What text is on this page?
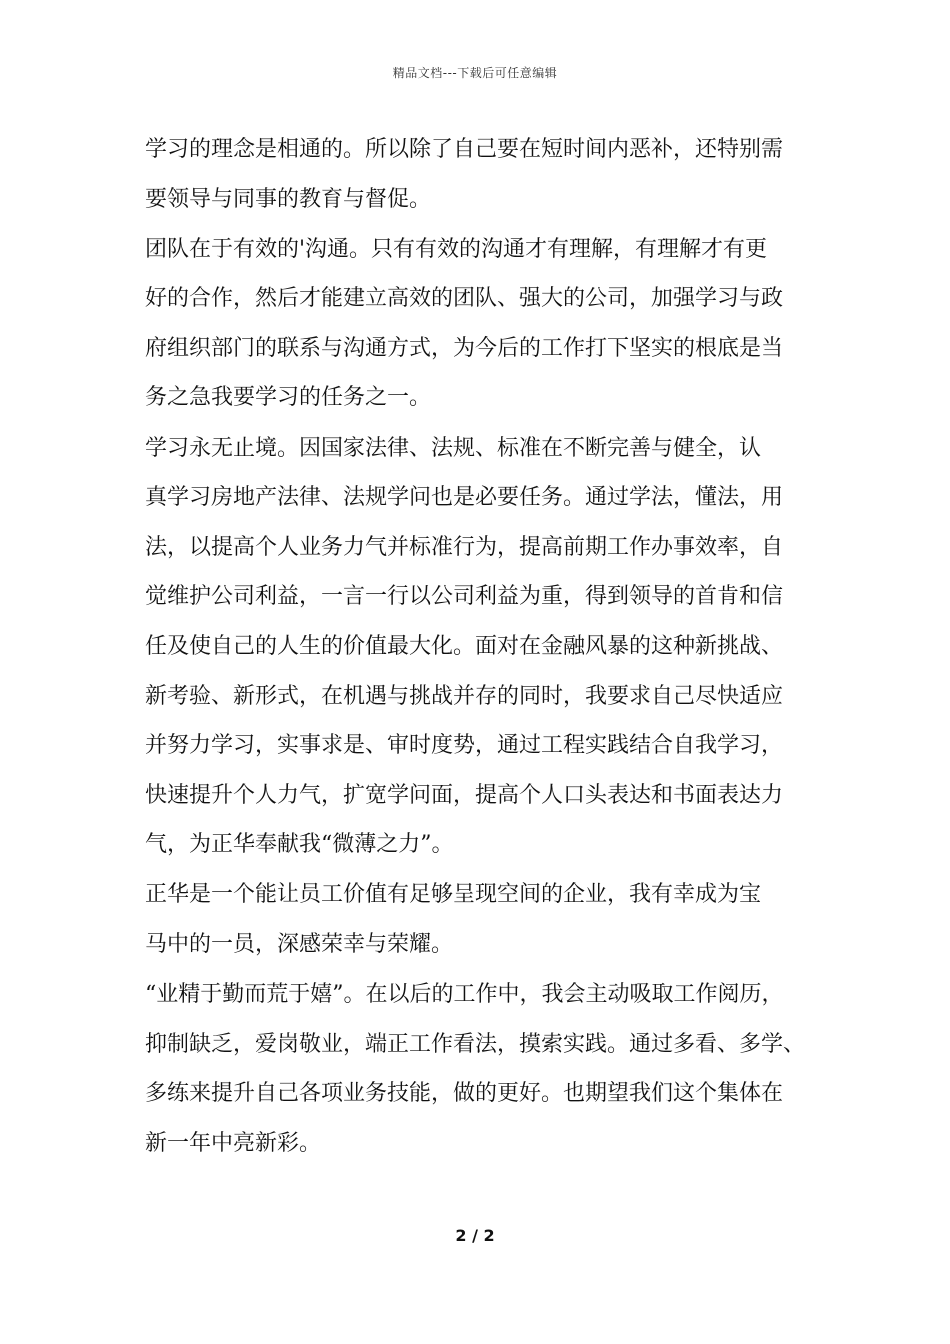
精品文档---下载后可任意编辑
学习的理念是相通的。所以除了自己要在短时间内恶补，还特别需
要领导与同事的教育与督促。
团队在于有效的'沟通。只有有效的沟通才有理解，有理解才有更
好的合作，然后才能建立高效的团队、强大的公司，加强学习与政
府组织部门的联系与沟通方式，为今后的工作打下坚实的根底是当
务之急我要学习的任务之一。
学习永无止境。因国家法律、法规、标准在不断完善与健全，认
真学习房地产法律、法规学问也是必要任务。通过学法，懂法，用
法，以提高个人业务力气并标准行为，提高前期工作办事效率，自
觉维护公司利益，一言一行以公司利益为重，得到领导的首肯和信
任及使自己的人生的价值最大化。面对在金融风暴的这种新挑战、
新考验、新形式，在机遇与挑战并存的同时，我要求自己尽快适应
并努力学习，实事求是、审时度势，通过工程实践结合自我学习，
快速提升个人力气，扩宽学问面，提高个人口头表达和书面表达力
气，为正华奉献我“微薄之力”。
正华是一个能让员工价值有足够呈现空间的企业，我有幸成为宝
马中的一员，深感荣幸与荣耀。
“业精于勤而荒于嬉”。在以后的工作中，我会主动吸取工作阅历，
抑制缺乏，爱岗敬业，端正工作看法，摸索实践。通过多看、多学、
多练来提升自己各项业务技能，做的更好。也期望我们这个集体在
新一年中亮新彩。
2 / 2
